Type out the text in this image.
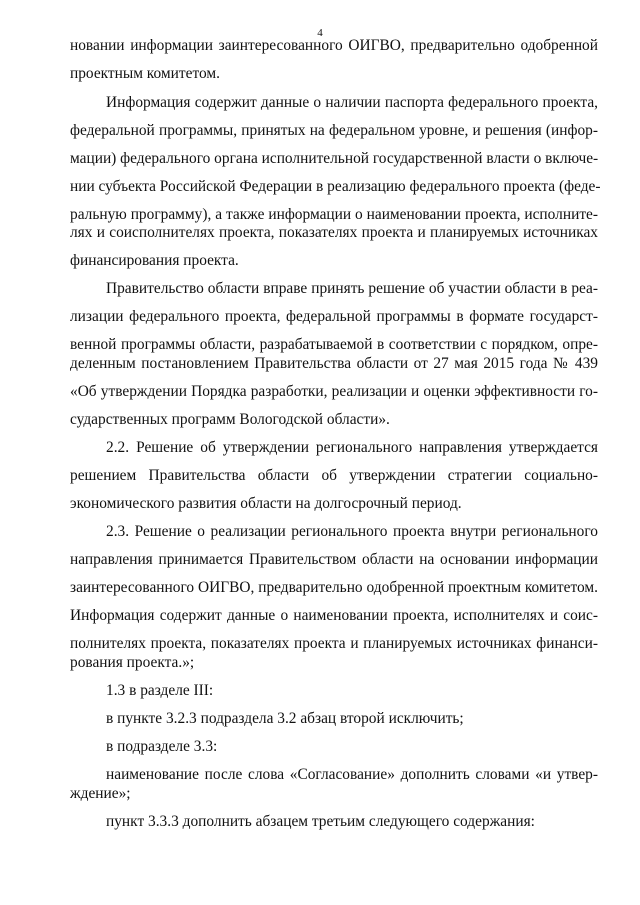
4
новании информации заинтересованного ОИГВО, предварительно одобренной
проектным комитетом.
Информация содержит данные о наличии паспорта федерального проекта,
федеральной программы, принятых на федеральном уровне, и решения (инфор-
мации) федерального органа исполнительной государственной власти о включе-
нии субъекта Российской Федерации в реализацию федерального проекта (феде-
ральную программу), а также информации о наименовании проекта, исполните-
лях и соисполнителях проекта, показателях проекта и планируемых источниках
финансирования проекта.
Правительство области вправе принять решение об участии области в реа-
лизации федерального проекта, федеральной программы в формате государст-
венной программы области, разрабатываемой в соответствии с порядком, опре-
деленным постановлением Правительства области от 27 мая 2015 года № 439
«Об утверждении Порядка разработки, реализации и оценки эффективности го-
сударственных программ Вологодской области».
2.2. Решение об утверждении регионального направления утверждается
решением Правительства области об утверждении стратегии социально-
экономического развития области на долгосрочный период.
2.3. Решение о реализации регионального проекта внутри регионального
направления принимается Правительством области на основании информации
заинтересованного ОИГВО, предварительно одобренной проектным комитетом.
Информация содержит данные о наименовании проекта, исполнителях и соис-
полнителях проекта, показателях проекта и планируемых источниках финанси-
рования проекта.»;
1.3 в разделе III:
в пункте 3.2.3 подраздела 3.2 абзац второй исключить;
в подразделе 3.3:
наименование после слова «Согласование» дополнить словами «и утвер-
ждение»;
пункт 3.3.3 дополнить абзацем третьим следующего содержания:
